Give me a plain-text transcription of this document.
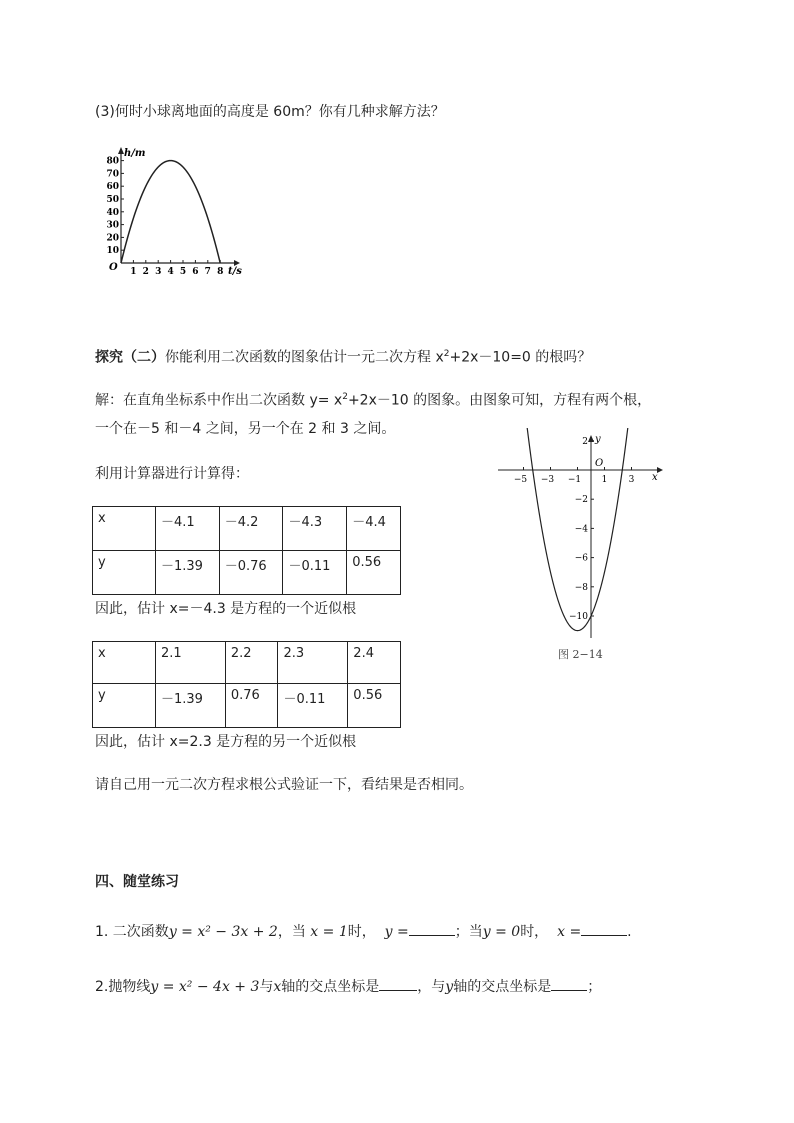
(3)何时小球离地面的高度是 60m？你有几种求解方法？
h/m
t/s
O
80
70
60
50
40
30
20
10
1 2 3 4 5 6 7 8
探究（二）你能利用二次函数的图象估计一元二次方程 $x^2+2x-10=0$ 的根吗？
解：在直角坐标系中作出二次函数 $y= x^2+2x-10$ 的图象。由图象可知，方程有两个根，
一个在－5 和－4 之间，另一个在 2 和 3 之间。
利用计算器进行计算得：
x	－4.1	－4.2	－4.3	－4.4
y	－1.39	－0.76	－0.11	0.56
因此，估计 x=－4.3 是方程的一个近似根
x	2.1	2.2	2.3	2.4
y	－1.39	0.76	－0.11	0.56
因此，估计 x=2.3 是方程的另一个近似根
请自己用一元二次方程求根公式验证一下，看结果是否相同。
y
x
O
−5 −3 −1 1 3
2
−2
−4
−6
−8
−10
图 2−14
四、随堂练习
1. 二次函数y = x² − 3x + 2，当 x = 1时， y =	；当y = 0时， x =	.
2.抛物线y = x² − 4x + 3与x轴的交点坐标是	，与y轴的交点坐标是	；
